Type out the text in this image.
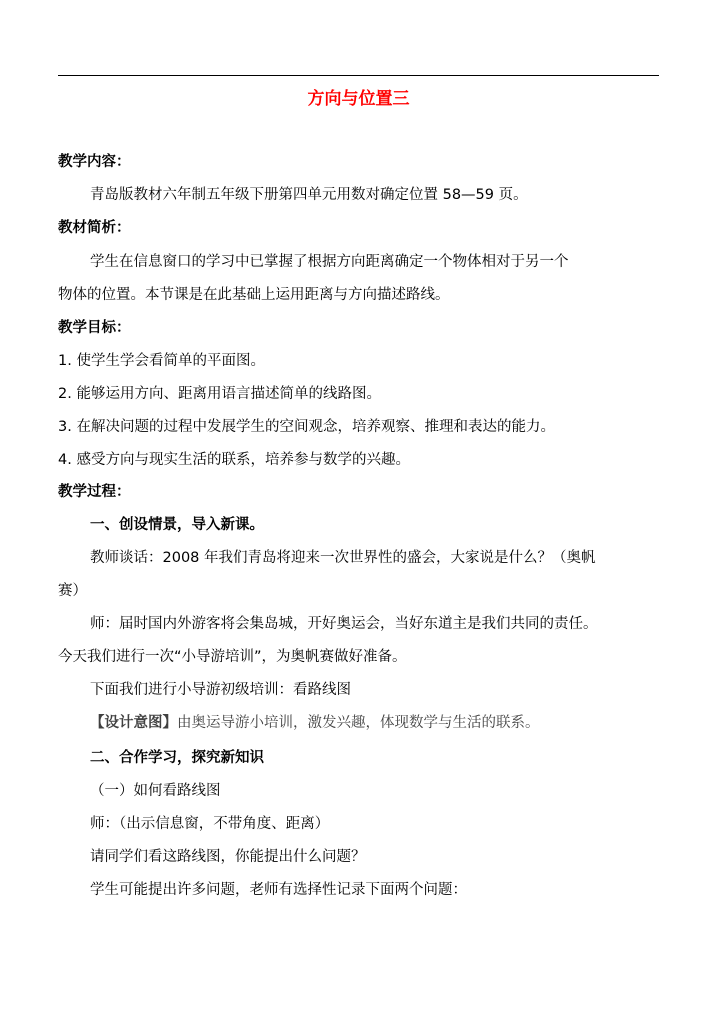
方向与位置三
教学内容：
青岛版教材六年制五年级下册第四单元用数对确定位置 58—59 页。
教材简析：
学生在信息窗口的学习中已掌握了根据方向距离确定一个物体相对于另一个
物体的位置。本节课是在此基础上运用距离与方向描述路线。
教学目标：
1. 使学生学会看简单的平面图。
2. 能够运用方向、距离用语言描述简单的线路图。
3. 在解决问题的过程中发展学生的空间观念，培养观察、推理和表达的能力。
4. 感受方向与现实生活的联系，培养参与数学的兴趣。
教学过程：
一、创设情景，导入新课。
教师谈话：2008 年我们青岛将迎来一次世界性的盛会，大家说是什么？（奥帆
赛）
师：届时国内外游客将会集岛城，开好奥运会，当好东道主是我们共同的责任。
今天我们进行一次“小导游培训”，为奥帆赛做好准备。
下面我们进行小导游初级培训：看路线图
【设计意图】由奥运导游小培训，激发兴趣，体现数学与生活的联系。
二、合作学习，探究新知识
（一）如何看路线图
师：（出示信息窗，不带角度、距离）
请同学们看这路线图，你能提出什么问题？
学生可能提出许多问题，老师有选择性记录下面两个问题：
